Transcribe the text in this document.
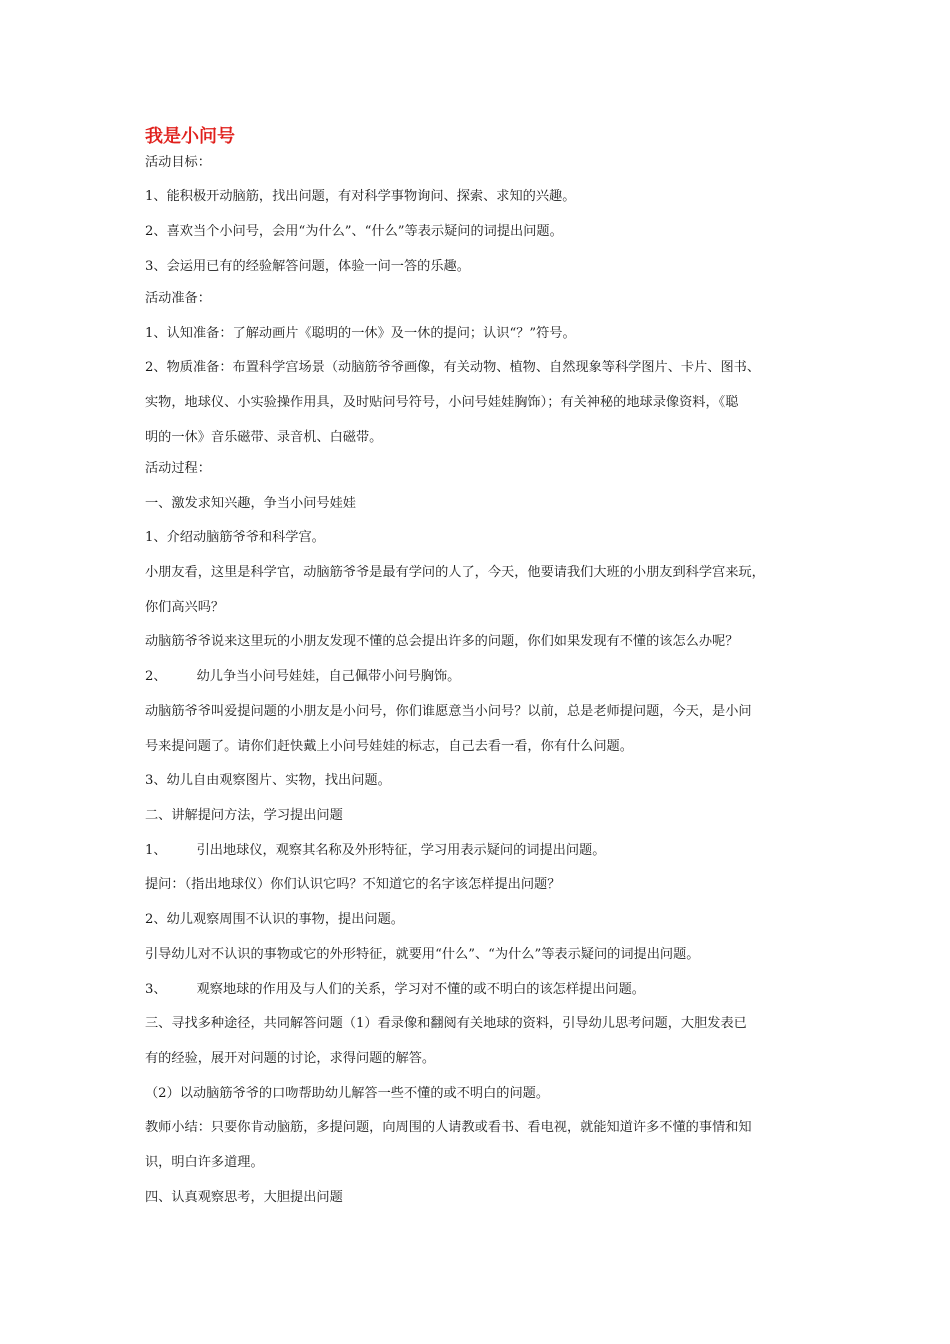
我是小问号
活动目标：
1、能积极开动脑筋，找出问题，有对科学事物询问、探索、求知的兴趣。
2、喜欢当个小问号，会用“为什么”、“什么”等表示疑问的词提出问题。
3、会运用已有的经验解答问题，体验一问一答的乐趣。
活动准备：
1、认知准备：了解动画片《聪明的一休》及一休的提问；认识“？”符号。
2、物质准备：布置科学宫场景（动脑筋爷爷画像，有关动物、植物、自然现象等科学图片、卡片、图书、
实物，地球仪、小实验操作用具，及时贴问号符号，小问号娃娃胸饰）；有关神秘的地球录像资料，《聪
明的一休》音乐磁带、录音机、白磁带。
活动过程：
一、激发求知兴趣，争当小问号娃娃
1、介绍动脑筋爷爷和科学宫。
小朋友看，这里是科学官，动脑筋爷爷是最有学问的人了，今天，他要请我们大班的小朋友到科学宫来玩，
你们高兴吗？
动脑筋爷爷说来这里玩的小朋友发现不懂的总会提出许多的问题，你们如果发现有不懂的该怎么办呢？
2、 幼儿争当小问号娃娃，自己佩带小问号胸饰。
动脑筋爷爷叫爱提问题的小朋友是小问号，你们谁愿意当小问号？以前，总是老师提问题，今天，是小问
号来提问题了。请你们赶快戴上小问号娃娃的标志，自己去看一看，你有什么问题。
3、幼儿自由观察图片、实物，找出问题。
二、讲解提问方法，学习提出问题
1、 引出地球仪，观察其名称及外形特征，学习用表示疑问的词提出问题。
提问：（指出地球仪）你们认识它吗？不知道它的名字该怎样提出问题？
2、幼儿观察周围不认识的事物，提出问题。
引导幼儿对不认识的事物或它的外形特征，就要用“什么”、“为什么”等表示疑问的词提出问题。
3、 观察地球的作用及与人们的关系，学习对不懂的或不明白的该怎样提出问题。
三、寻找多种途径，共同解答问题（1）看录像和翻阅有关地球的资料，引导幼儿思考问题，大胆发表已
有的经验，展开对问题的讨论，求得问题的解答。
（2）以动脑筋爷爷的口吻帮助幼儿解答一些不懂的或不明白的问题。
教师小结：只要你肯动脑筋，多提问题，向周围的人请教或看书、看电视，就能知道许多不懂的事情和知
识，明白许多道理。
四、认真观察思考，大胆提出问题
